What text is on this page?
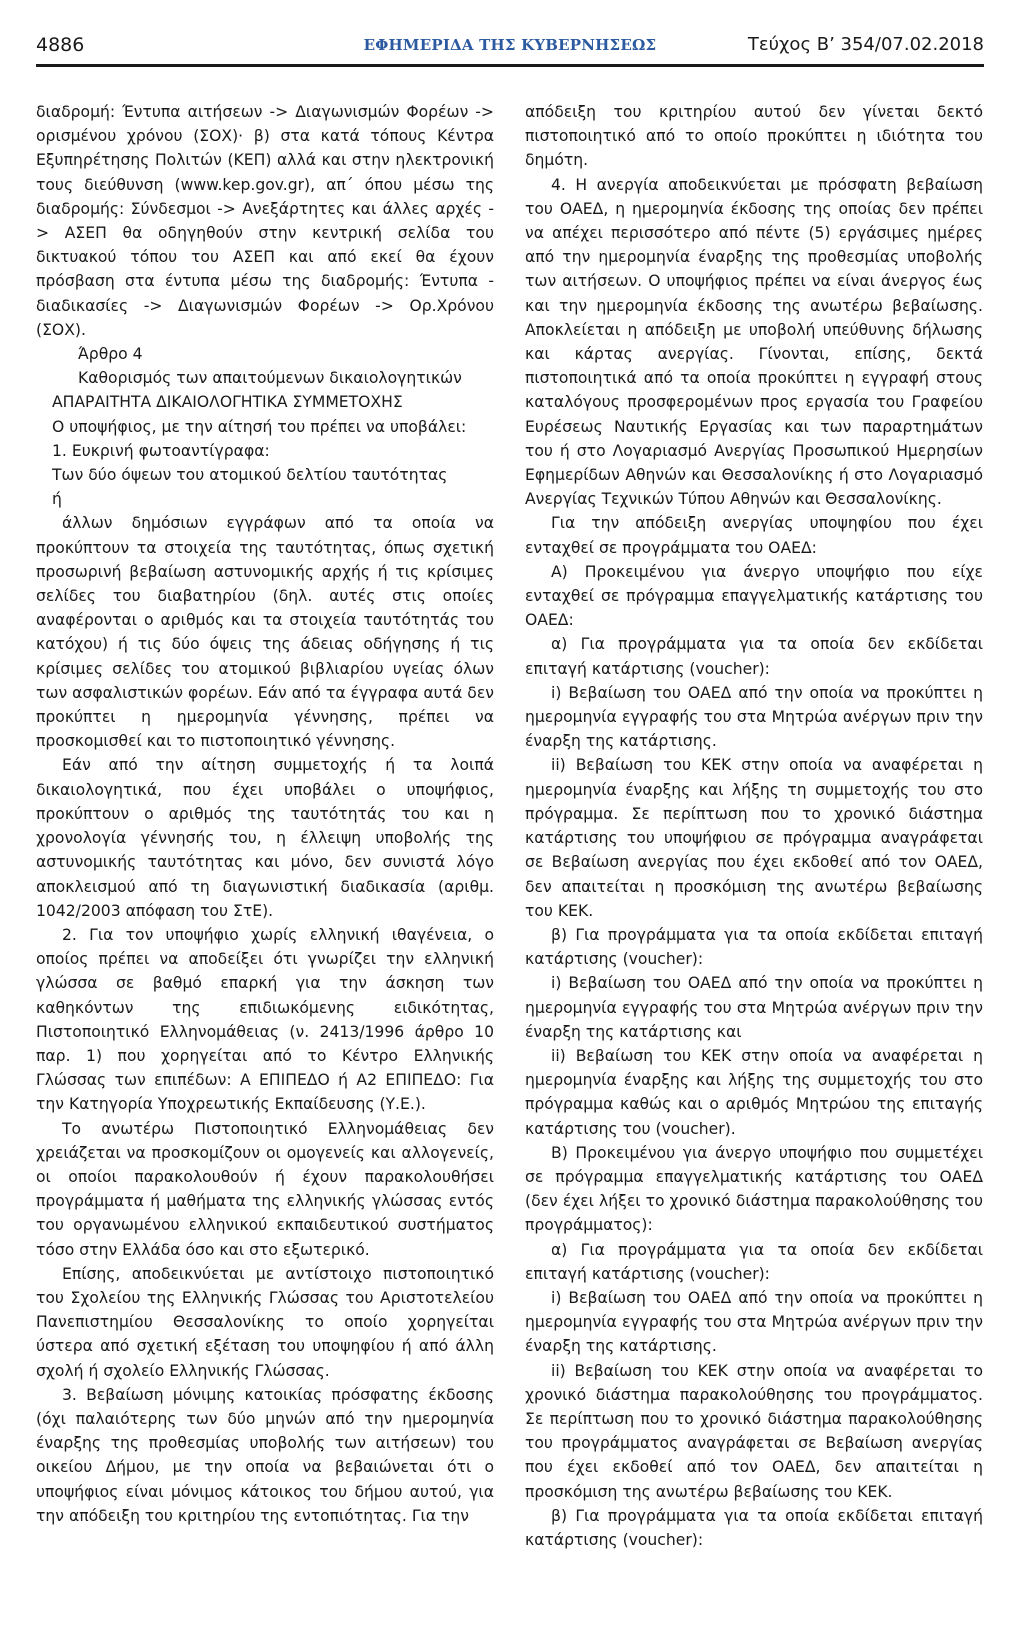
4886	ΕΦΗΜΕΡΙΔΑ ΤΗΣ ΚΥΒΕΡΝΗΣΕΩΣ	Τεύχος Β’ 354/07.02.2018

διαδρομή: Έντυπα αιτήσεων -> Διαγωνισμών Φορέων -> ορισμένου χρόνου (ΣΟΧ)· β) στα κατά τόπους Κέντρα Εξυπηρέτησης Πολιτών (ΚΕΠ) αλλά και στην ηλεκτρονική τους διεύθυνση (www.kep.gov.gr), απ΄ όπου μέσω της διαδρομής: Σύνδεσμοι -> Ανεξάρτητες και άλλες αρχές -> ΑΣΕΠ θα οδηγηθούν στην κεντρική σελίδα του δικτυακού τόπου του ΑΣΕΠ και από εκεί θα έχουν πρόσβαση στα έντυπα μέσω της διαδρομής: Έντυπα - διαδικασίες -> Διαγωνισμών Φορέων -> Ορ.Χρόνου (ΣΟΧ).

Άρθρο 4

Καθορισμός των απαιτούμενων δικαιολογητικών

ΑΠΑΡΑΙΤΗΤΑ ΔΙΚΑΙΟΛΟΓΗΤΙΚΑ ΣΥΜΜΕΤΟΧΗΣ

Ο υποψήφιος, με την αίτησή του πρέπει να υποβάλει:

1. Ευκρινή φωτοαντίγραφα:

Των δύο όψεων του ατομικού δελτίου ταυτότητας

ή

άλλων δημόσιων εγγράφων από τα οποία να προκύπτουν τα στοιχεία της ταυτότητας, όπως σχετική προσωρινή βεβαίωση αστυνομικής αρχής ή τις κρίσιμες σελίδες του διαβατηρίου (δηλ. αυτές στις οποίες αναφέρονται ο αριθμός και τα στοιχεία ταυτότητάς του κατόχου) ή τις δύο όψεις της άδειας οδήγησης ή τις κρίσιμες σελίδες του ατομικού βιβλιαρίου υγείας όλων των ασφαλιστικών φορέων. Εάν από τα έγγραφα αυτά δεν προκύπτει η ημερομηνία γέννησης, πρέπει να προσκομισθεί και το πιστοποιητικό γέννησης.

Εάν από την αίτηση συμμετοχής ή τα λοιπά δικαιολογητικά, που έχει υποβάλει ο υποψήφιος, προκύπτουν ο αριθμός της ταυτότητάς του και η χρονολογία γέννησής του, η έλλειψη υποβολής της αστυνομικής ταυτότητας και μόνο, δεν συνιστά λόγο αποκλεισμού από τη διαγωνιστική διαδικασία (αριθμ. 1042/2003 απόφαση του ΣτΕ).

2. Για τον υποψήφιο χωρίς ελληνική ιθαγένεια, ο οποίος πρέπει να αποδείξει ότι γνωρίζει την ελληνική γλώσσα σε βαθμό επαρκή για την άσκηση των καθηκόντων της επιδιωκόμενης ειδικότητας, Πιστοποιητικό Ελληνομάθειας (ν. 2413/1996 άρθρο 10 παρ. 1) που χορηγείται από το Κέντρο Ελληνικής Γλώσσας των επιπέδων: Α ΕΠΙΠΕΔΟ ή Α2 ΕΠΙΠΕΔΟ: Για την Κατηγορία Υποχρεωτικής Εκπαίδευσης (Υ.Ε.).

Το ανωτέρω Πιστοποιητικό Ελληνομάθειας δεν χρειάζεται να προσκομίζουν οι ομογενείς και αλλογενείς, οι οποίοι παρακολουθούν ή έχουν παρακολουθήσει προγράμματα ή μαθήματα της ελληνικής γλώσσας εντός του οργανωμένου ελληνικού εκπαιδευτικού συστήματος τόσο στην Ελλάδα όσο και στο εξωτερικό.

Επίσης, αποδεικνύεται με αντίστοιχο πιστοποιητικό του Σχολείου της Ελληνικής Γλώσσας του Αριστοτελείου Πανεπιστημίου Θεσσαλονίκης το οποίο χορηγείται ύστερα από σχετική εξέταση του υποψηφίου ή από άλλη σχολή ή σχολείο Ελληνικής Γλώσσας.

3. Βεβαίωση μόνιμης κατοικίας πρόσφατης έκδοσης (όχι παλαιότερης των δύο μηνών από την ημερομηνία έναρξης της προθεσμίας υποβολής των αιτήσεων) του οικείου Δήμου, με την οποία να βεβαιώνεται ότι ο υποψήφιος είναι μόνιμος κάτοικος του δήμου αυτού, για την απόδειξη του κριτηρίου της εντοπιότητας. Για την

απόδειξη του κριτηρίου αυτού δεν γίνεται δεκτό πιστοποιητικό από το οποίο προκύπτει η ιδιότητα του δημότη.

4. Η ανεργία αποδεικνύεται με πρόσφατη βεβαίωση του ΟΑΕΔ, η ημερομηνία έκδοσης της οποίας δεν πρέπει να απέχει περισσότερο από πέντε (5) εργάσιμες ημέρες από την ημερομηνία έναρξης της προθεσμίας υποβολής των αιτήσεων. Ο υποψήφιος πρέπει να είναι άνεργος έως και την ημερομηνία έκδοσης της ανωτέρω βεβαίωσης. Αποκλείεται η απόδειξη με υποβολή υπεύθυνης δήλωσης και κάρτας ανεργίας. Γίνονται, επίσης, δεκτά πιστοποιητικά από τα οποία προκύπτει η εγγραφή στους καταλόγους προσφερομένων προς εργασία του Γραφείου Ευρέσεως Ναυτικής Εργασίας και των παραρτημάτων του ή στο Λογαριασμό Ανεργίας Προσωπικού Ημερησίων Εφημερίδων Αθηνών και Θεσσαλονίκης ή στο Λογαριασμό Ανεργίας Τεχνικών Τύπου Αθηνών και Θεσσαλονίκης.

Για την απόδειξη ανεργίας υποψηφίου που έχει ενταχθεί σε προγράμματα του ΟΑΕΔ:

Α) Προκειμένου για άνεργο υποψήφιο που είχε ενταχθεί σε πρόγραμμα επαγγελματικής κατάρτισης του ΟΑΕΔ:

α) Για προγράμματα για τα οποία δεν εκδίδεται επιταγή κατάρτισης (voucher):

i) Βεβαίωση του ΟΑΕΔ από την οποία να προκύπτει η ημερομηνία εγγραφής του στα Μητρώα ανέργων πριν την έναρξη της κατάρτισης.

ii) Βεβαίωση του ΚΕΚ στην οποία να αναφέρεται η ημερομηνία έναρξης και λήξης τη συμμετοχής του στο πρόγραμμα. Σε περίπτωση που το χρονικό διάστημα κατάρτισης του υποψήφιου σε πρόγραμμα αναγράφεται σε Βεβαίωση ανεργίας που έχει εκδοθεί από τον ΟΑΕΔ, δεν απαιτείται η προσκόμιση της ανωτέρω βεβαίωσης του ΚΕΚ.

β) Για προγράμματα για τα οποία εκδίδεται επιταγή κατάρτισης (voucher):

i) Βεβαίωση του ΟΑΕΔ από την οποία να προκύπτει η ημερομηνία εγγραφής του στα Μητρώα ανέργων πριν την έναρξη της κατάρτισης και

ii) Βεβαίωση του ΚΕΚ στην οποία να αναφέρεται η ημερομηνία έναρξης και λήξης της συμμετοχής του στο πρόγραμμα καθώς και ο αριθμός Μητρώου της επιταγής κατάρτισης του (voucher).

Β) Προκειμένου για άνεργο υποψήφιο που συμμετέχει σε πρόγραμμα επαγγελματικής κατάρτισης του ΟΑΕΔ (δεν έχει λήξει το χρονικό διάστημα παρακολούθησης του προγράμματος):

α) Για προγράμματα για τα οποία δεν εκδίδεται επιταγή κατάρτισης (voucher):

i) Βεβαίωση του ΟΑΕΔ από την οποία να προκύπτει η ημερομηνία εγγραφής του στα Μητρώα ανέργων πριν την έναρξη της κατάρτισης.

ii) Βεβαίωση του ΚΕΚ στην οποία να αναφέρεται το χρονικό διάστημα παρακολούθησης του προγράμματος. Σε περίπτωση που το χρονικό διάστημα παρακολούθησης του προγράμματος αναγράφεται σε Βεβαίωση ανεργίας που έχει εκδοθεί από τον ΟΑΕΔ, δεν απαιτείται η προσκόμιση της ανωτέρω βεβαίωσης του ΚΕΚ.

β) Για προγράμματα για τα οποία εκδίδεται επιταγή κατάρτισης (voucher):
